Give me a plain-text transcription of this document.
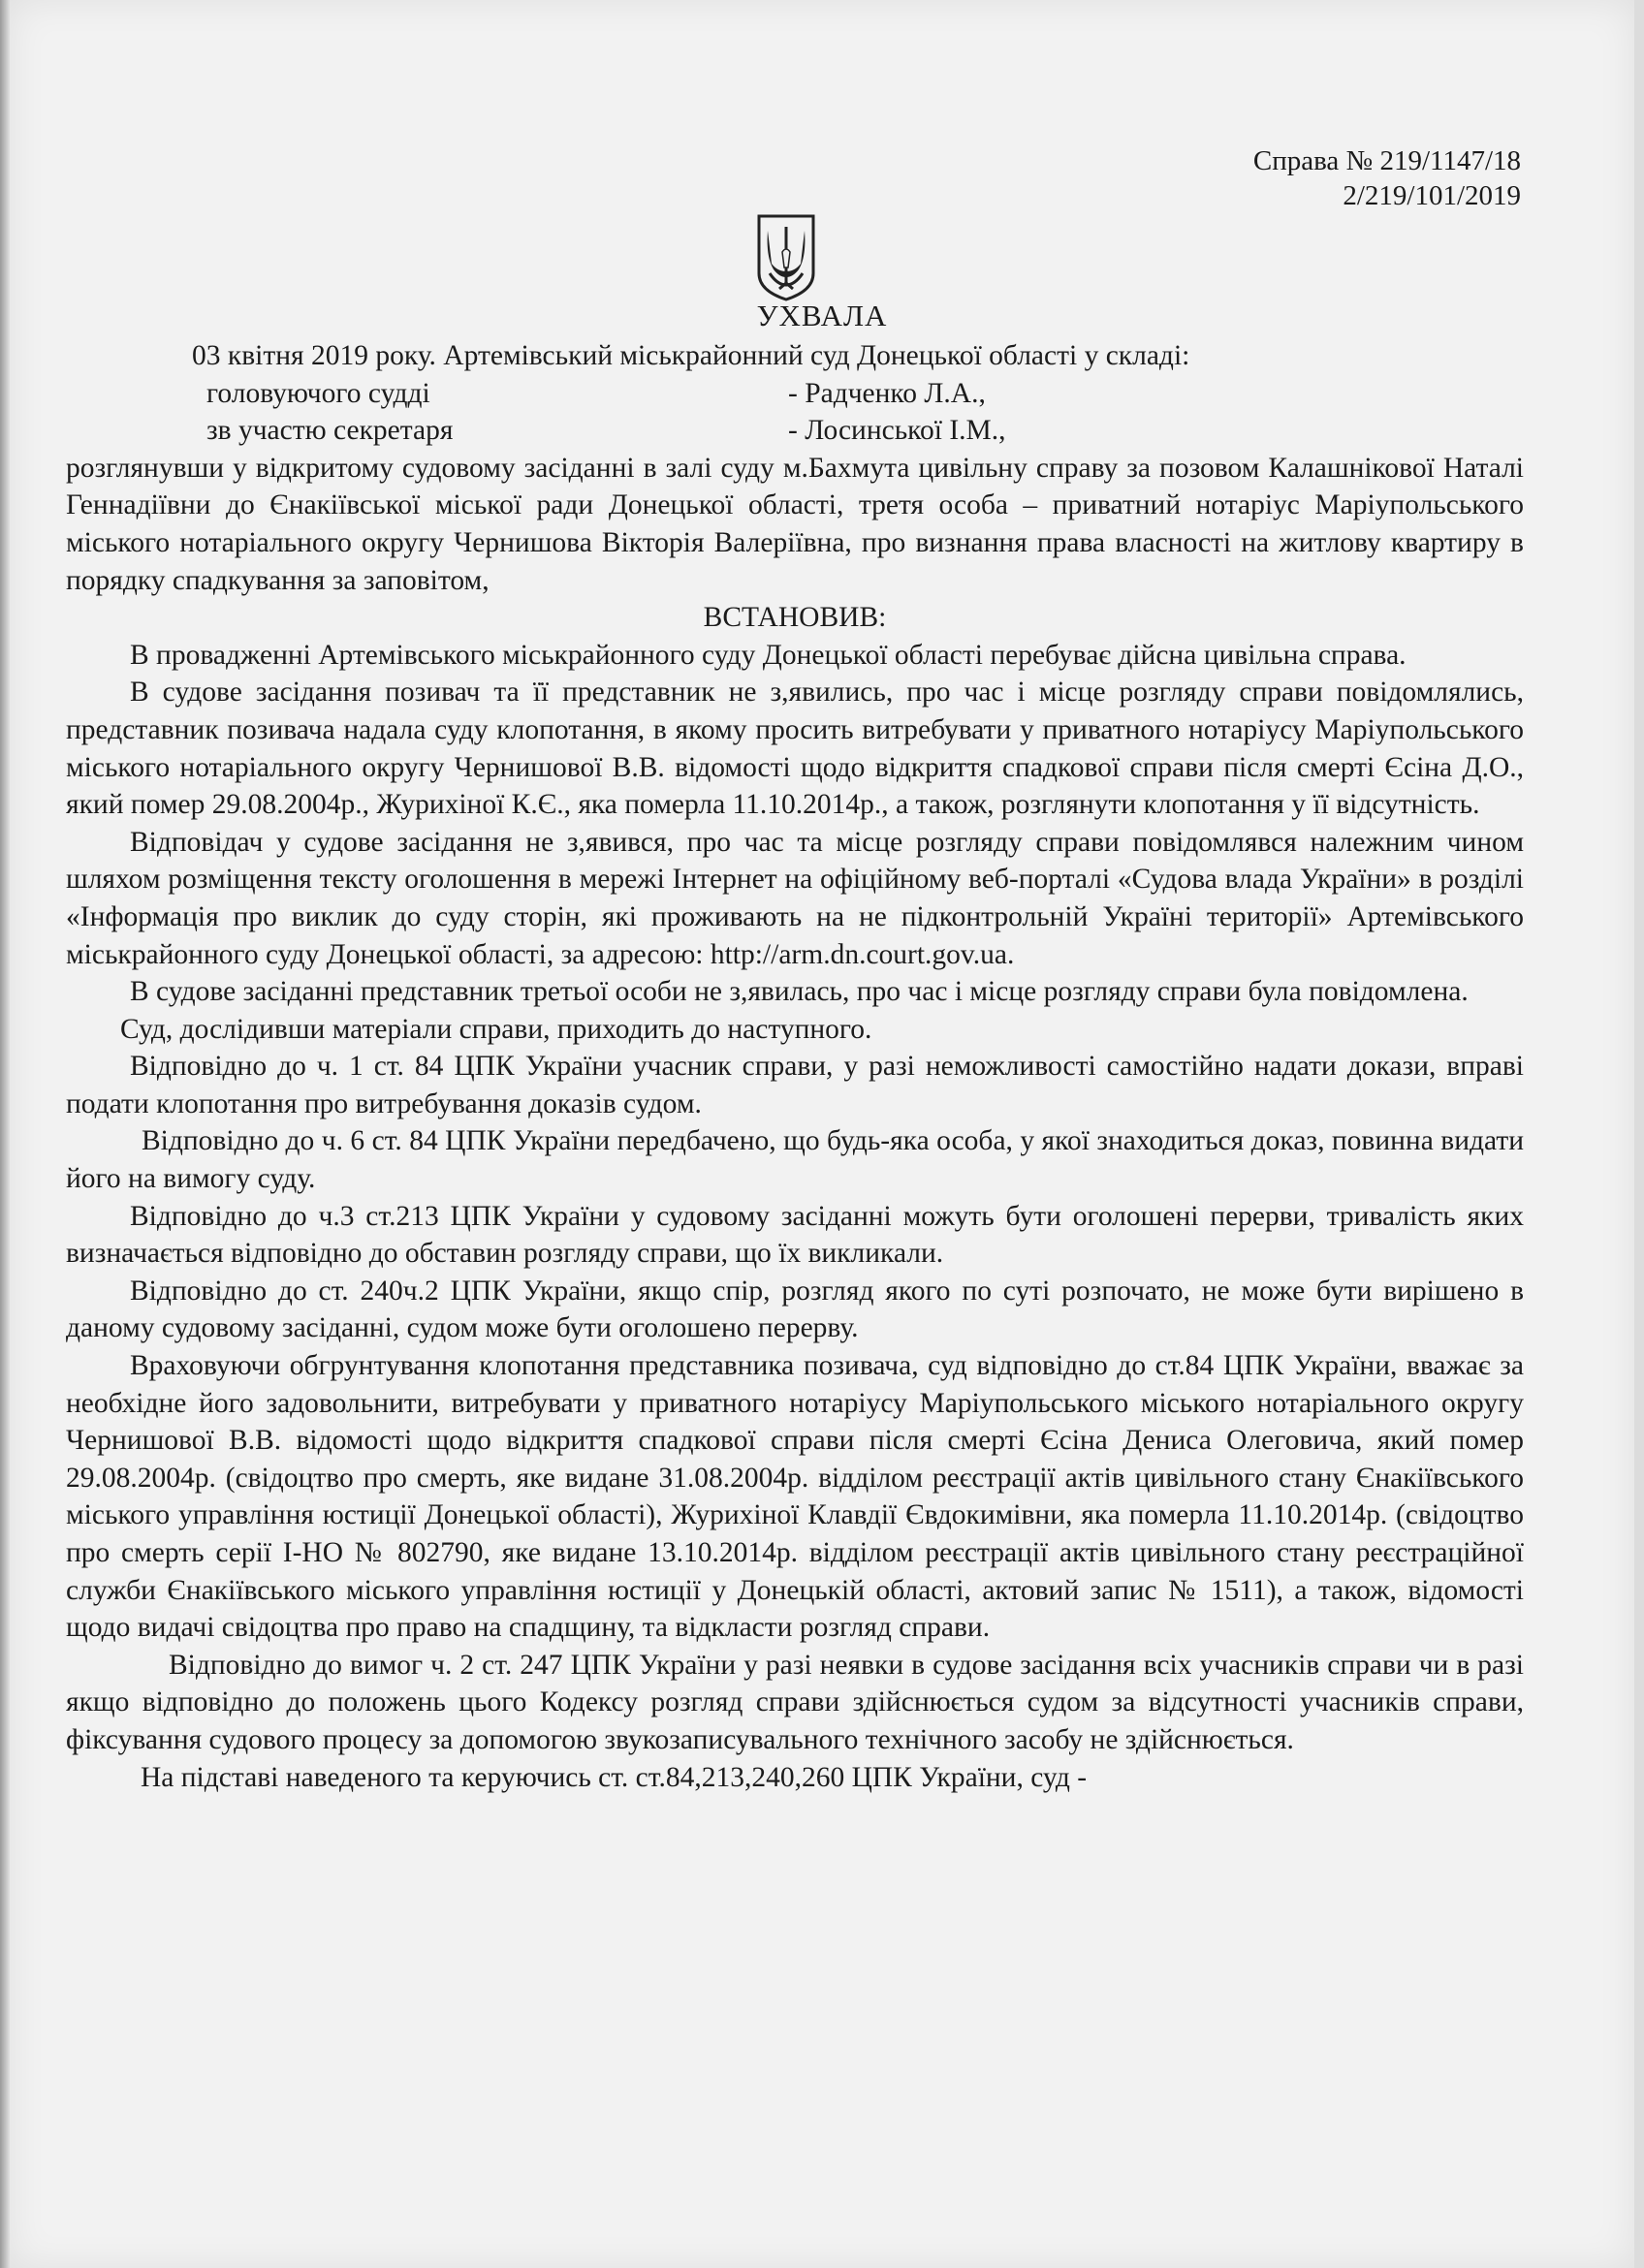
Справа № 219/1147/18
2/219/101/2019
УХВАЛА

03 квітня 2019 року. Артемівський міськрайонний суд Донецької області у складі:

головуючого судді	- Радченко Л.А.,
зв участю секретаря	- Лосинської І.М.,

розглянувши у відкритому судовому засіданні в залі суду м.Бахмута цивільну справу за позовом Калашнікової Наталі Геннадіївни до Єнакіївської міської ради Донецької області, третя особа – приватний нотаріус Маріупольського міського нотаріального округу Чернишова Вікторія Валеріївна, про визнання права власності на житлову квартиру в порядку спадкування за заповітом,

ВСТАНОВИВ:

В провадженні Артемівського міськрайонного суду Донецької області перебуває дійсна цивільна справа.

В судове засідання позивач та її представник не з,явились, про час і місце розгляду справи повідомлялись, представник позивача надала суду клопотання, в якому просить витребувати у приватного нотаріусу Маріупольського міського нотаріального округу Чернишової В.В. відомості щодо відкриття спадкової справи після смерті Єсіна Д.О., який помер 29.08.2004р., Журихіної К.Є., яка померла 11.10.2014р., а також, розглянути клопотання у її відсутність.

Відповідач у судове засідання не з,явився, про час та місце розгляду справи повідомлявся належним чином шляхом розміщення тексту оголошення в мережі Інтернет на офіційному веб-порталі «Судова влада України» в розділі «Інформація про виклик до суду сторін, які проживають на не підконтрольній Україні території» Артемівського міськрайонного суду Донецької області, за адресою: http://arm.dn.court.gov.ua.

В судове засіданні представник третьої особи не з,явилась, про час і місце розгляду справи була повідомлена.

Суд, дослідивши матеріали справи, приходить до наступного.

Відповідно до ч. 1 ст. 84 ЦПК України учасник справи, у разі неможливості самостійно надати докази, вправі подати клопотання про витребування доказів судом.

Відповідно до ч. 6 ст. 84 ЦПК України передбачено, що будь-яка особа, у якої знаходиться доказ, повинна видати його на вимогу суду.

Відповідно до ч.3 ст.213 ЦПК України у судовому засіданні можуть бути оголошені перерви, тривалість яких визначається відповідно до обставин розгляду справи, що їх викликали.

Відповідно до ст. 240ч.2 ЦПК України, якщо спір, розгляд якого по суті розпочато, не може бути вирішено в даному судовому засіданні, судом може бути оголошено перерву.

Враховуючи обгрунтування клопотання представника позивача, суд відповідно до ст.84 ЦПК України, вважає за необхідне його задовольнити, витребувати у приватного нотаріусу Маріупольського міського нотаріального округу Чернишової В.В. відомості щодо відкриття спадкової справи після смерті Єсіна Дениса Олеговича, який помер 29.08.2004р. (свідоцтво про смерть, яке видане 31.08.2004р. відділом реєстрації актів цивільного стану Єнакіївського міського управління юстиції Донецької області), Журихіної Клавдії Євдокимівни, яка померла 11.10.2014р. (свідоцтво про смерть серії І-НО № 802790, яке видане 13.10.2014р. відділом реєстрації актів цивільного стану реєстраційної служби Єнакіївського міського управління юстиції у Донецькій області, актовий запис № 1511), а також, відомості щодо видачі свідоцтва про право на спадщину, та відкласти розгляд справи.

Відповідно до вимог ч. 2 ст. 247 ЦПК України у разі неявки в судове засідання всіх учасників справи чи в разі якщо відповідно до положень цього Кодексу розгляд справи здійснюється судом за відсутності учасників справи, фіксування судового процесу за допомогою звукозаписувального технічного засобу не здійснюється.

На підставі наведеного та керуючись ст. ст.84,213,240,260 ЦПК України, суд -
